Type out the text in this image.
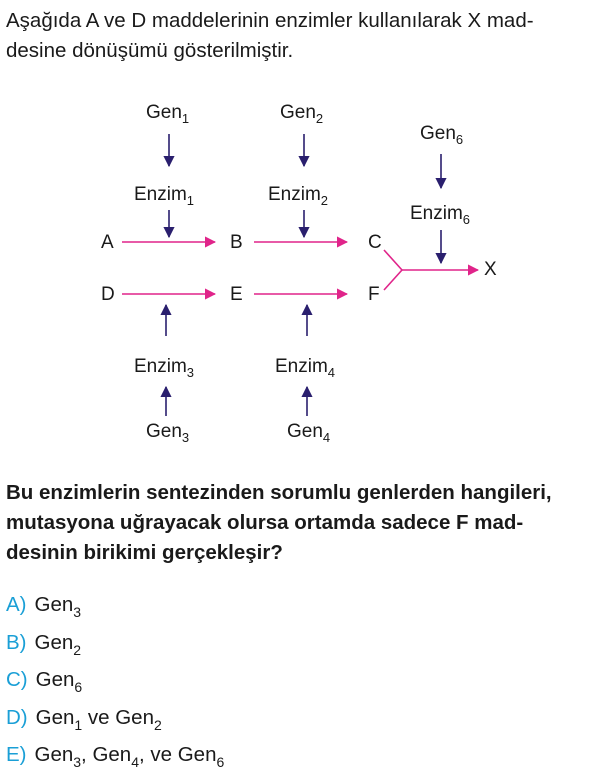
Aşağıda A ve D maddelerinin enzimler kullanılarak X mad-
desine dönüşümü gösterilmiştir.
Gen$_1$	Gen$_2$
Gen$_6$
Enzim$_1$	Enzim$_2$
Enzim$_6$
Enzim$_3$	Enzim$_4$
Gen$_3$	Gen$_4$
A	B	C
D	E	F
X
Bu enzimlerin sentezinden sorumlu genlerden hangileri,
mutasyona uğrayacak olursa ortamda sadece F mad-
desinin birikimi gerçekleşir?
A) Gen$_3$
B) Gen$_2$
C) Gen$_6$
D) Gen$_1$ ve Gen$_2$
E) Gen$_3$, Gen$_4$, ve Gen$_6$
